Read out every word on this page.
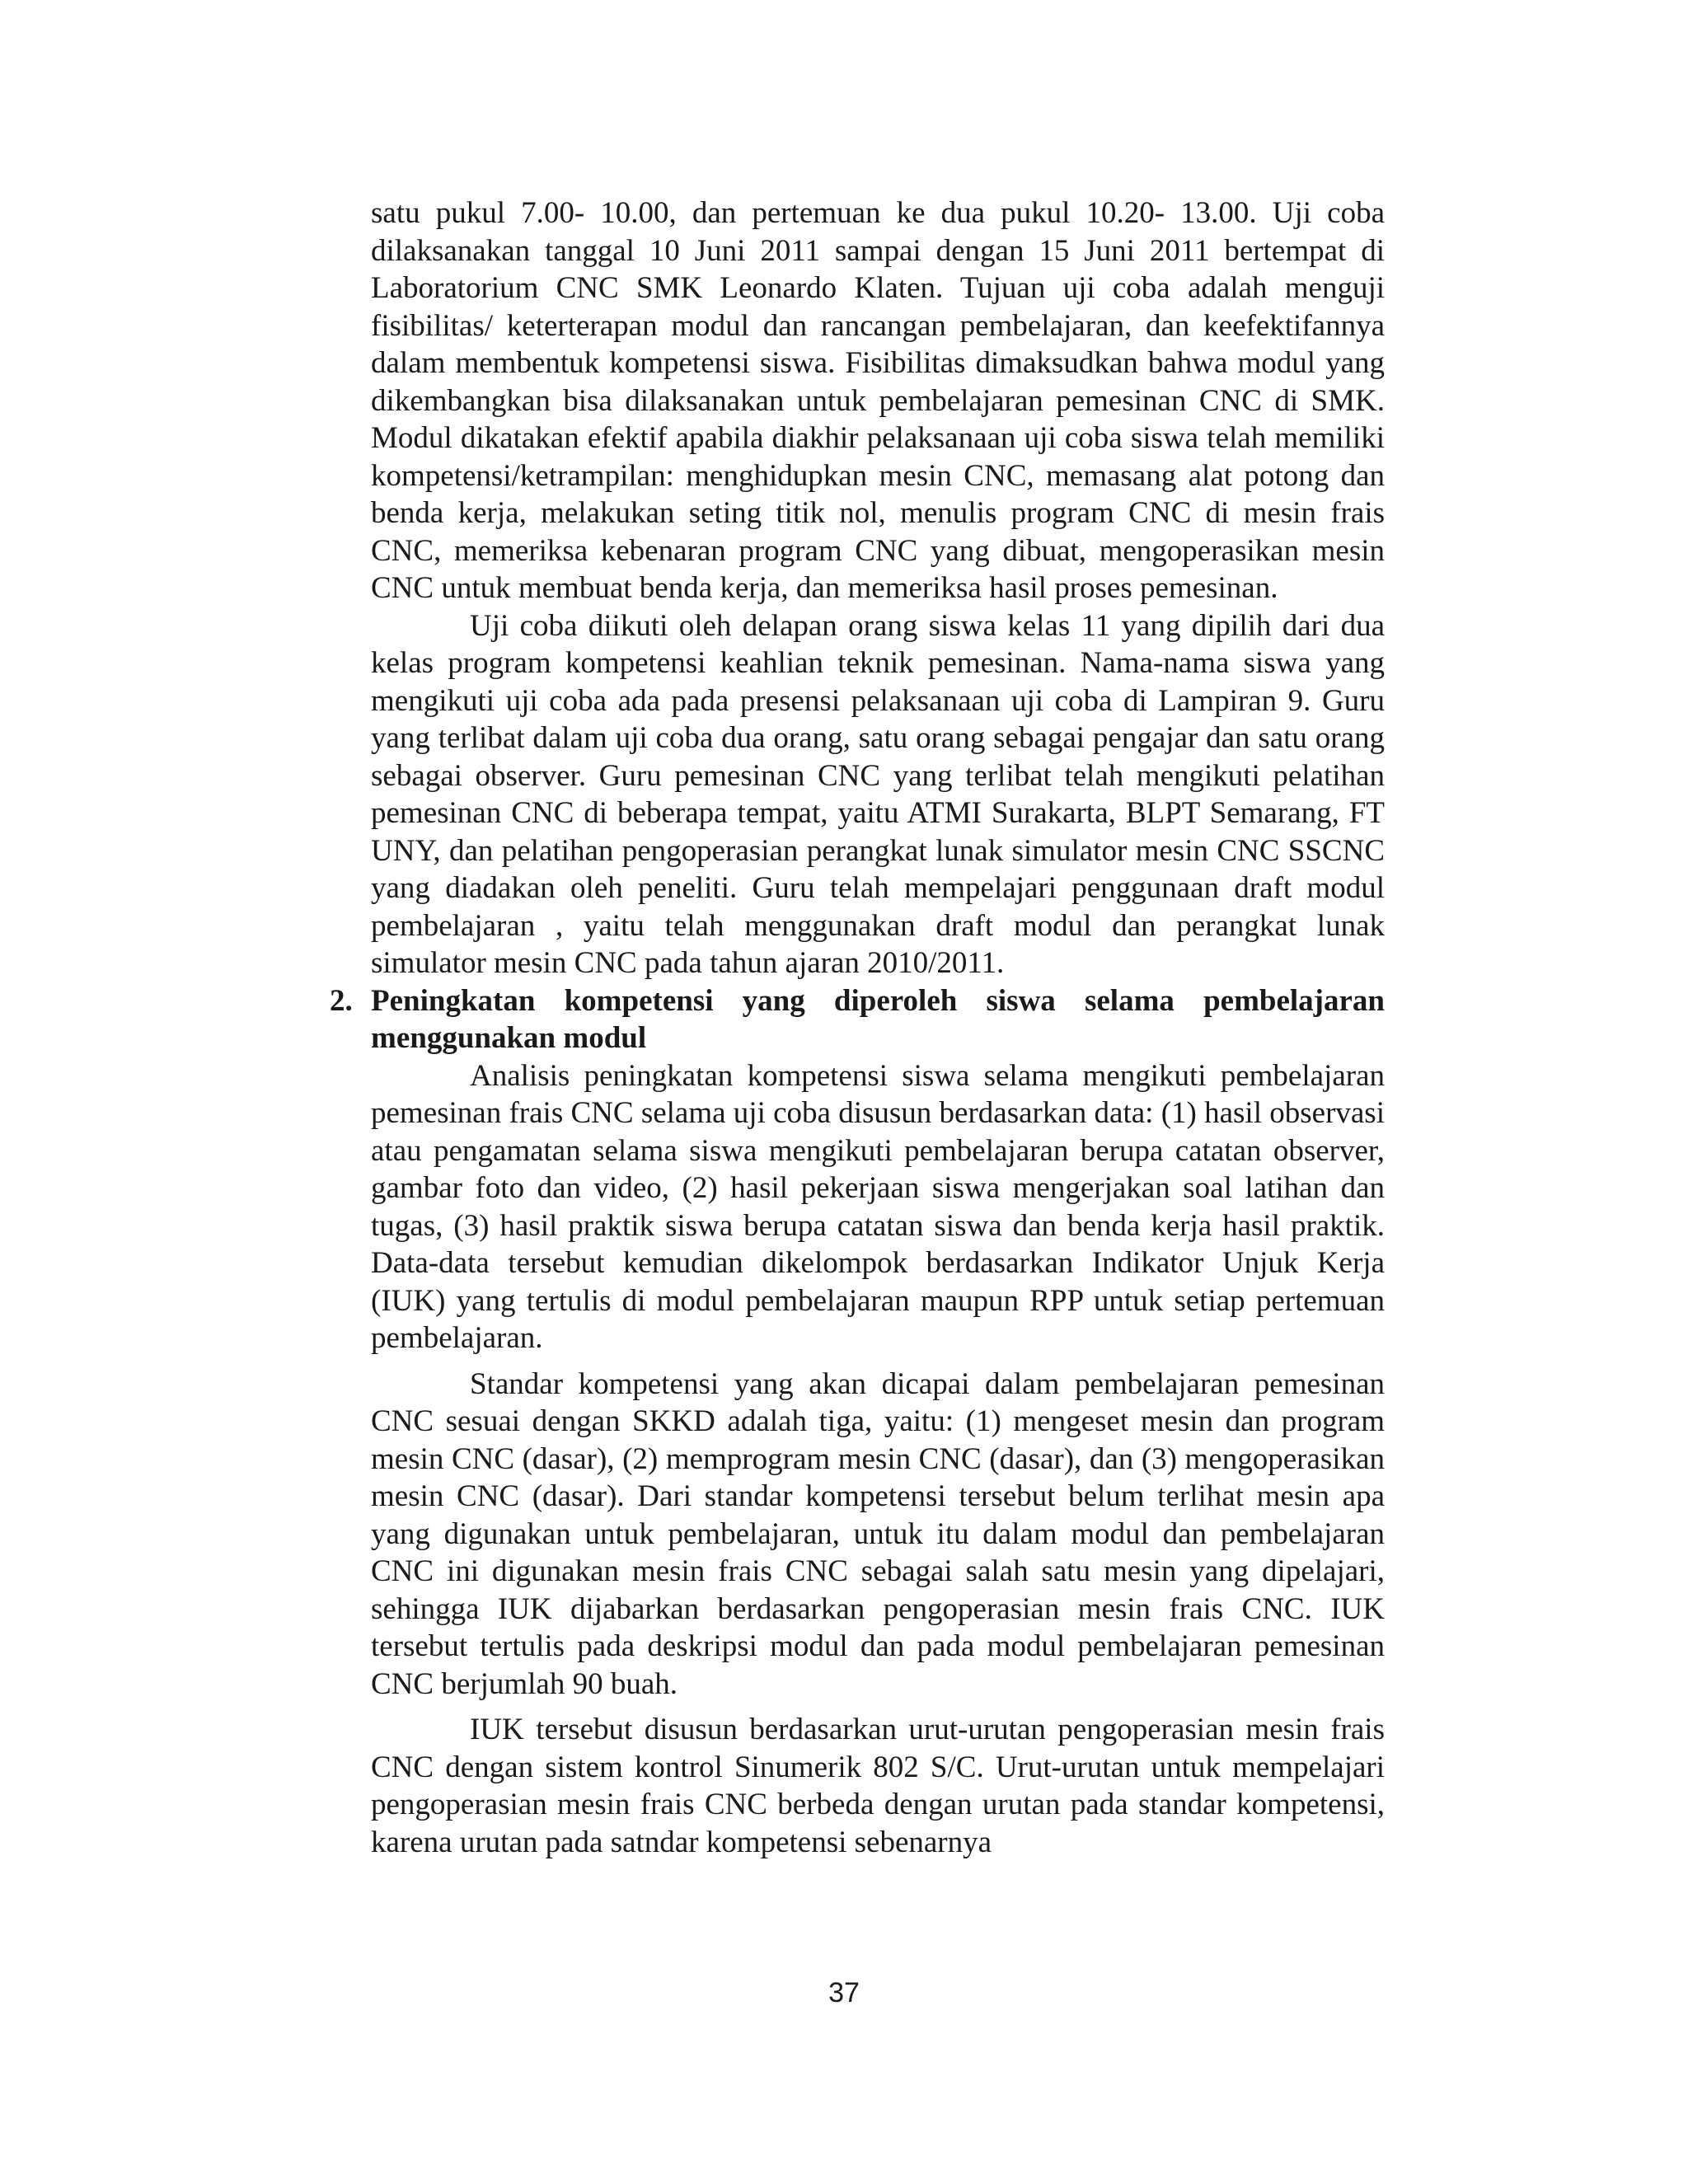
satu pukul 7.00- 10.00, dan pertemuan ke dua pukul 10.20- 13.00. Uji coba dilaksanakan tanggal 10 Juni 2011 sampai dengan 15 Juni 2011 bertempat di Laboratorium CNC SMK Leonardo Klaten. Tujuan uji coba adalah menguji fisibilitas/ keterterapan modul dan rancangan pembelajaran, dan keefektifannya dalam membentuk kompetensi siswa. Fisibilitas dimaksudkan bahwa modul yang dikembangkan bisa dilaksanakan untuk pembelajaran pemesinan CNC di SMK. Modul dikatakan efektif apabila diakhir pelaksanaan uji coba siswa telah memiliki kompetensi/ketrampilan: menghidupkan mesin CNC, memasang alat potong dan benda kerja, melakukan seting titik nol, menulis program CNC di mesin frais CNC, memeriksa kebenaran program CNC yang dibuat, mengoperasikan mesin CNC untuk membuat benda kerja, dan memeriksa hasil proses pemesinan.

Uji coba diikuti oleh delapan orang siswa kelas 11 yang dipilih dari dua kelas program kompetensi keahlian teknik pemesinan. Nama-nama siswa yang mengikuti uji coba ada pada presensi pelaksanaan uji coba di Lampiran 9. Guru yang terlibat dalam uji coba dua orang, satu orang sebagai pengajar dan satu orang sebagai observer. Guru pemesinan CNC yang terlibat telah mengikuti pelatihan pemesinan CNC di beberapa tempat, yaitu ATMI Surakarta, BLPT Semarang, FT UNY, dan pelatihan pengoperasian perangkat lunak simulator mesin CNC SSCNC yang diadakan oleh peneliti. Guru telah mempelajari penggunaan draft modul pembelajaran , yaitu telah menggunakan draft modul dan perangkat lunak simulator mesin CNC pada tahun ajaran 2010/2011.

2. Peningkatan kompetensi yang diperoleh siswa selama pembelajaran menggunakan modul

Analisis peningkatan kompetensi siswa selama mengikuti pembelajaran pemesinan frais CNC selama uji coba disusun berdasarkan data: (1) hasil observasi atau pengamatan selama siswa mengikuti pembelajaran berupa catatan observer, gambar foto dan video, (2) hasil pekerjaan siswa mengerjakan soal latihan dan tugas, (3) hasil praktik siswa berupa catatan siswa dan benda kerja hasil praktik. Data-data tersebut kemudian dikelompok berdasarkan Indikator Unjuk Kerja (IUK) yang tertulis di modul pembelajaran maupun RPP untuk setiap pertemuan pembelajaran.

Standar kompetensi yang akan dicapai dalam pembelajaran pemesinan CNC sesuai dengan SKKD adalah tiga, yaitu: (1) mengeset mesin dan program mesin CNC (dasar), (2) memprogram mesin CNC (dasar), dan (3) mengoperasikan mesin CNC (dasar). Dari standar kompetensi tersebut belum terlihat mesin apa yang digunakan untuk pembelajaran, untuk itu dalam modul dan pembelajaran CNC ini digunakan mesin frais CNC sebagai salah satu mesin yang dipelajari, sehingga IUK dijabarkan berdasarkan pengoperasian mesin frais CNC. IUK tersebut tertulis pada deskripsi modul dan pada modul pembelajaran pemesinan CNC berjumlah 90 buah.

IUK tersebut disusun berdasarkan urut-urutan pengoperasian mesin frais CNC dengan sistem kontrol Sinumerik 802 S/C. Urut-urutan untuk mempelajari pengoperasian mesin frais CNC berbeda dengan urutan pada standar kompetensi, karena urutan pada satndar kompetensi sebenarnya

37
